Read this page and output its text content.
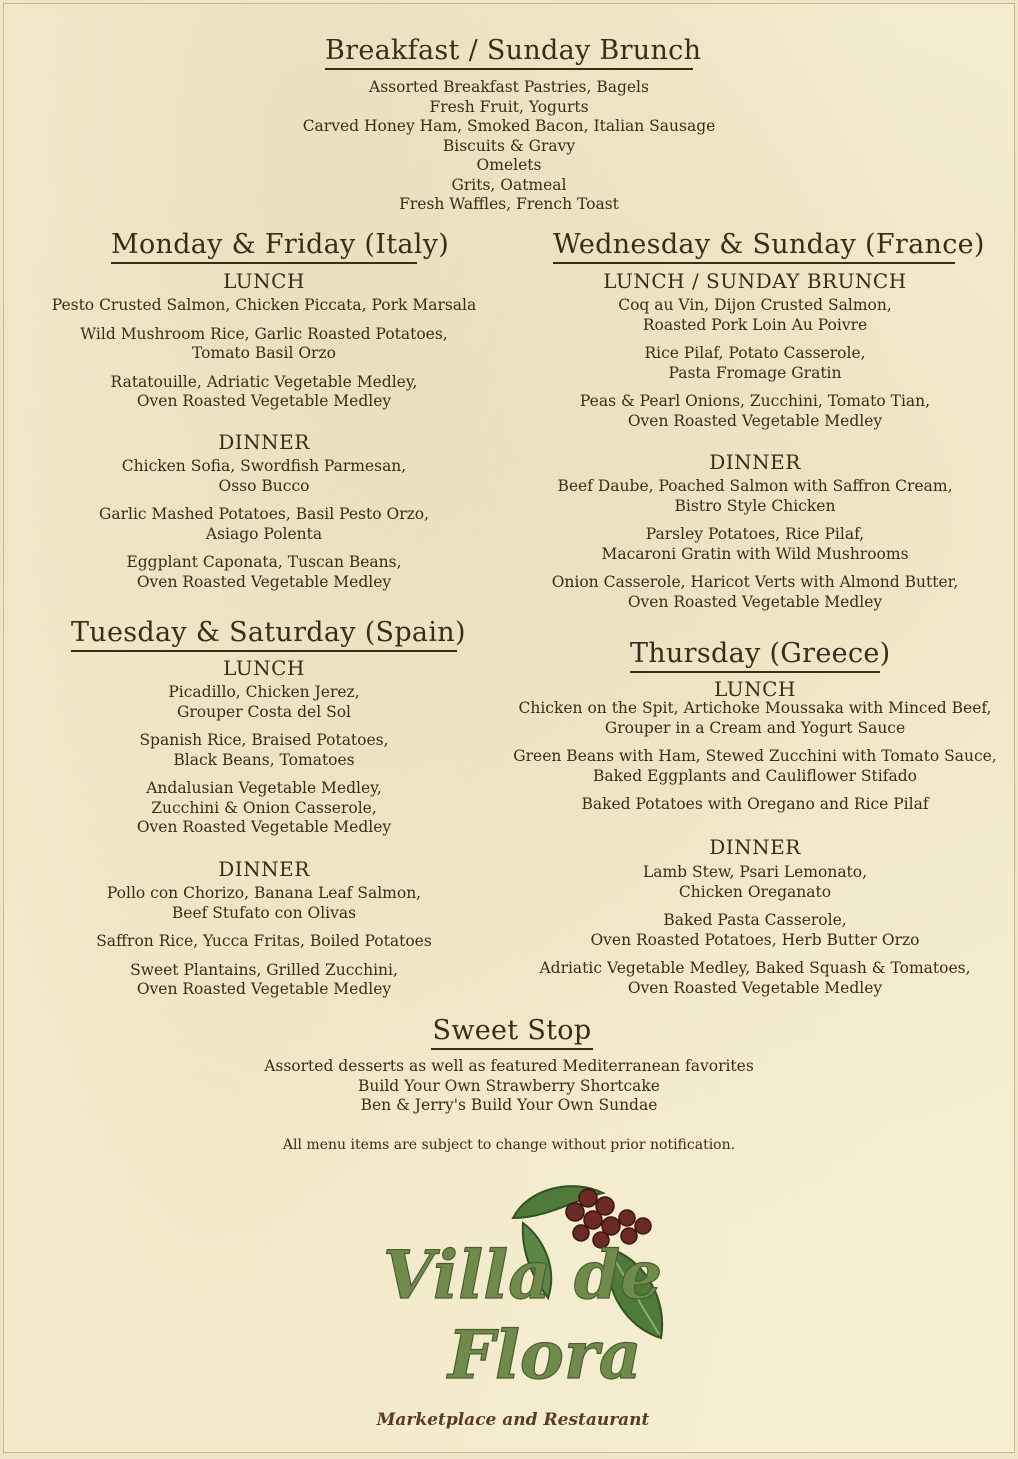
Breakfast / Sunday Brunch
Assorted Breakfast Pastries, Bagels
Fresh Fruit, Yogurts
Carved Honey Ham, Smoked Bacon, Italian Sausage
Biscuits & Gravy
Omelets
Grits, Oatmeal
Fresh Waffles, French Toast
Monday & Friday (Italy)
LUNCH
Pesto Crusted Salmon, Chicken Piccata, Pork Marsala
Wild Mushroom Rice, Garlic Roasted Potatoes,
Tomato Basil Orzo
Ratatouille, Adriatic Vegetable Medley,
Oven Roasted Vegetable Medley
DINNER
Chicken Sofia, Swordfish Parmesan,
Osso Bucco
Garlic Mashed Potatoes, Basil Pesto Orzo,
Asiago Polenta
Eggplant Caponata, Tuscan Beans,
Oven Roasted Vegetable Medley
Wednesday & Sunday (France)
LUNCH / SUNDAY BRUNCH
Coq au Vin, Dijon Crusted Salmon,
Roasted Pork Loin Au Poivre
Rice Pilaf, Potato Casserole,
Pasta Fromage Gratin
Peas & Pearl Onions, Zucchini, Tomato Tian,
Oven Roasted Vegetable Medley
DINNER
Beef Daube, Poached Salmon with Saffron Cream,
Bistro Style Chicken
Parsley Potatoes, Rice Pilaf,
Macaroni Gratin with Wild Mushrooms
Onion Casserole, Haricot Verts with Almond Butter,
Oven Roasted Vegetable Medley
Tuesday & Saturday (Spain)
LUNCH
Picadillo, Chicken Jerez,
Grouper Costa del Sol
Spanish Rice, Braised Potatoes,
Black Beans, Tomatoes
Andalusian Vegetable Medley,
Zucchini & Onion Casserole,
Oven Roasted Vegetable Medley
DINNER
Pollo con Chorizo, Banana Leaf Salmon,
Beef Stufato con Olivas
Saffron Rice, Yucca Fritas, Boiled Potatoes
Sweet Plantains, Grilled Zucchini,
Oven Roasted Vegetable Medley
Thursday (Greece)
LUNCH
Chicken on the Spit, Artichoke Moussaka with Minced Beef,
Grouper in a Cream and Yogurt Sauce
Green Beans with Ham, Stewed Zucchini with Tomato Sauce,
Baked Eggplants and Cauliflower Stifado
Baked Potatoes with Oregano and Rice Pilaf
DINNER
Lamb Stew, Psari Lemonato,
Chicken Oreganato
Baked Pasta Casserole,
Oven Roasted Potatoes, Herb Butter Orzo
Adriatic Vegetable Medley, Baked Squash & Tomatoes,
Oven Roasted Vegetable Medley
Sweet Stop
Assorted desserts as well as featured Mediterranean favorites
Build Your Own Strawberry Shortcake
Ben & Jerry's Build Your Own Sundae
All menu items are subject to change without prior notification.
Villa de
Flora
Marketplace and Restaurant
